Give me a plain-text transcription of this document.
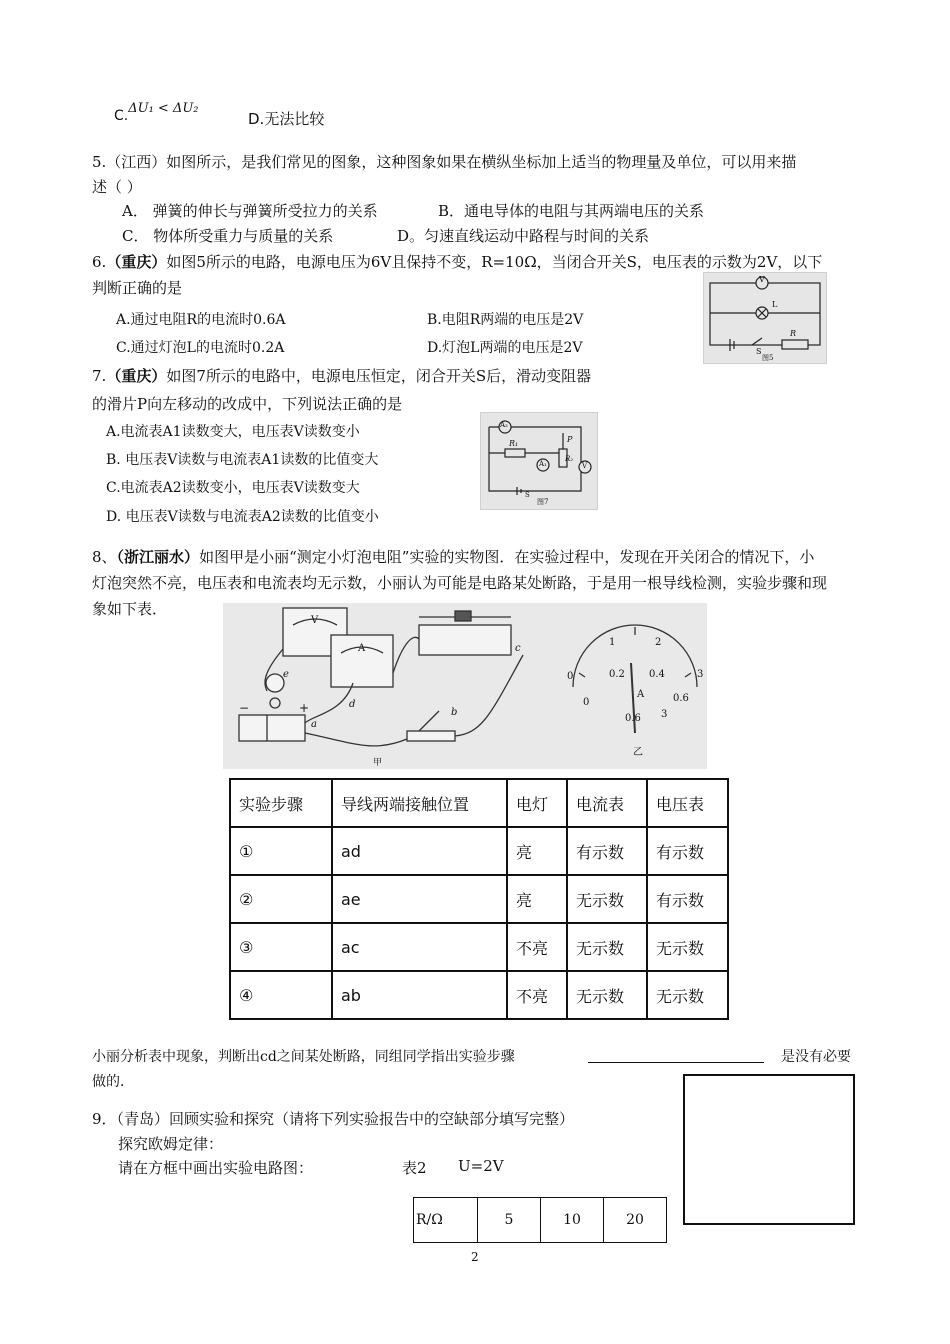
C.ΔU₁ < ΔU₂
D.无法比较
5.（江西）如图所示，是我们常见的图象，这种图象如果在横纵坐标加上适当的物理量及单位，可以用来描
述（ ）
A． 弹簧的伸长与弹簧所受拉力的关系	B．通电导体的电阻与其两端电压的关系
C． 物体所受重力与质量的关系	D。匀速直线运动中路程与时间的关系
6.（重庆）如图5所示的电路，电源电压为6V且保持不变，R=10Ω，当闭合开关S，电压表的示数为2V，以下
判断正确的是
A.通过电阻R的电流时0.6A	B.电阻R两端的电压是2V
C.通过灯泡L的电流时0.2A	D.灯泡L两端的电压是2V
V
L
R
S
图5
7.（重庆）如图7所示的电路中，电源电压恒定，闭合开关S后，滑动变阻器
的滑片P向左移动的改成中，下列说法正确的是
A.电流表A1读数变大，电压表V读数变小
B. 电压表V读数与电流表A1读数的比值变大
C.电流表A2读数变小，电压表V读数变大
D. 电压表V读数与电流表A2读数的比值变小
A₂
R₁	P
R₂
A₁	V
S
图7
8、（浙江丽水）如图甲是小丽“测定小灯泡电阻”实验的实物图．在实验过程中，发现在开关闭合的情况下，小
灯泡突然不亮，电压表和电流表均无示数，小丽认为可能是电路某处断路，于是用一根导线检测，实验步骤和现
象如下表．
V
A
e
d
c
b
a
−	+
甲
0
1	2
3
0
0.2 0.4
0.6
A
0.6 3
乙
实验步骤	导线两端接触位置	电灯	电流表	电压表
①	ad	亮	有示数	有示数
②	ae	亮	无示数	有示数
③	ac	不亮	无示数	无示数
④	ab	不亮	无示数	无示数
小丽分析表中现象，判断出cd之间某处断路，同组同学指出实验步骤	是没有必要
做的．
9．（青岛）回顾实验和探究（请将下列实验报告中的空缺部分填写完整）
探究欧姆定律：
请在方框中画出实验电路图：	表2 U=2V
R/Ω	5	10	20
2
